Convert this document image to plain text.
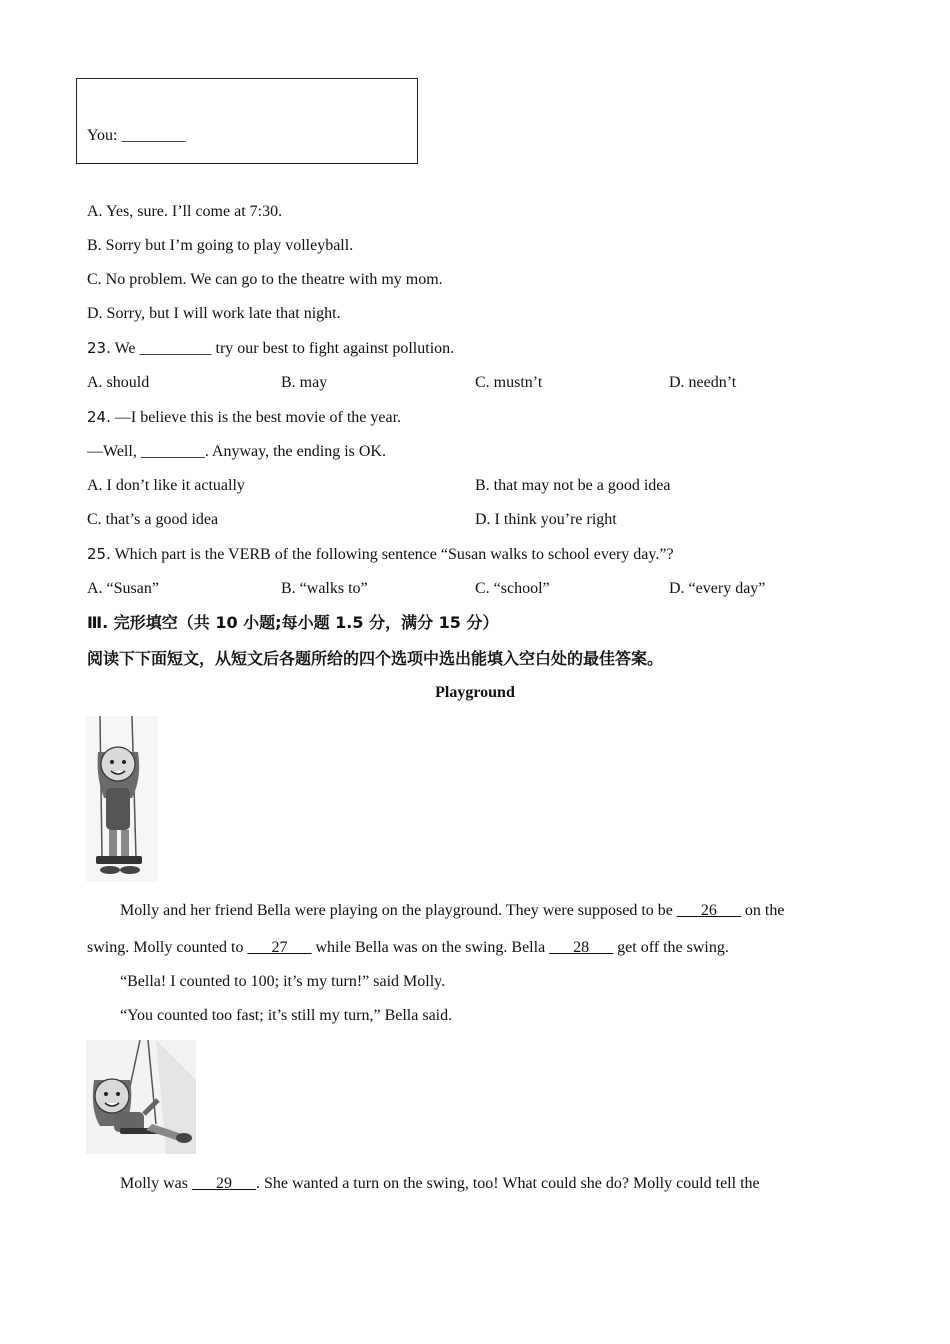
You: ________
A. Yes, sure. I’ll come at 7:30.
B. Sorry but I’m going to play volleyball.
C. No problem. We can go to the theatre with my mom.
D. Sorry, but I will work late that night.
23. We _________ try our best to fight against pollution.
A. should	B. may	C. mustn’t	D. needn’t
24. —I believe this is the best movie of the year.
—Well, ________. Anyway, the ending is OK.
A. I don’t like it actually	B. that may not be a good idea
C. that’s a good idea	D. I think you’re right
25. Which part is the VERB of the following sentence “Susan walks to school every day.”?
A. “Susan”	B. “walks to”	C. “school”	D. “every day”
Ⅲ. 完形填空（共 10 小题;每小题 1.5 分，满分 15 分）
阅读下下面短文，从短文后各题所给的四个选项中选出能填入空白处的最佳答案。
Playground
Molly and her friend Bella were playing on the playground. They were supposed to be ___26___ on the
swing. Molly counted to ___27___ while Bella was on the swing. Bella ___28___ get off the swing.
“Bella! I counted to 100; it’s my turn!” said Molly.
“You counted too fast; it’s still my turn,” Bella said.
Molly was ___29___. She wanted a turn on the swing, too! What could she do? Molly could tell the
